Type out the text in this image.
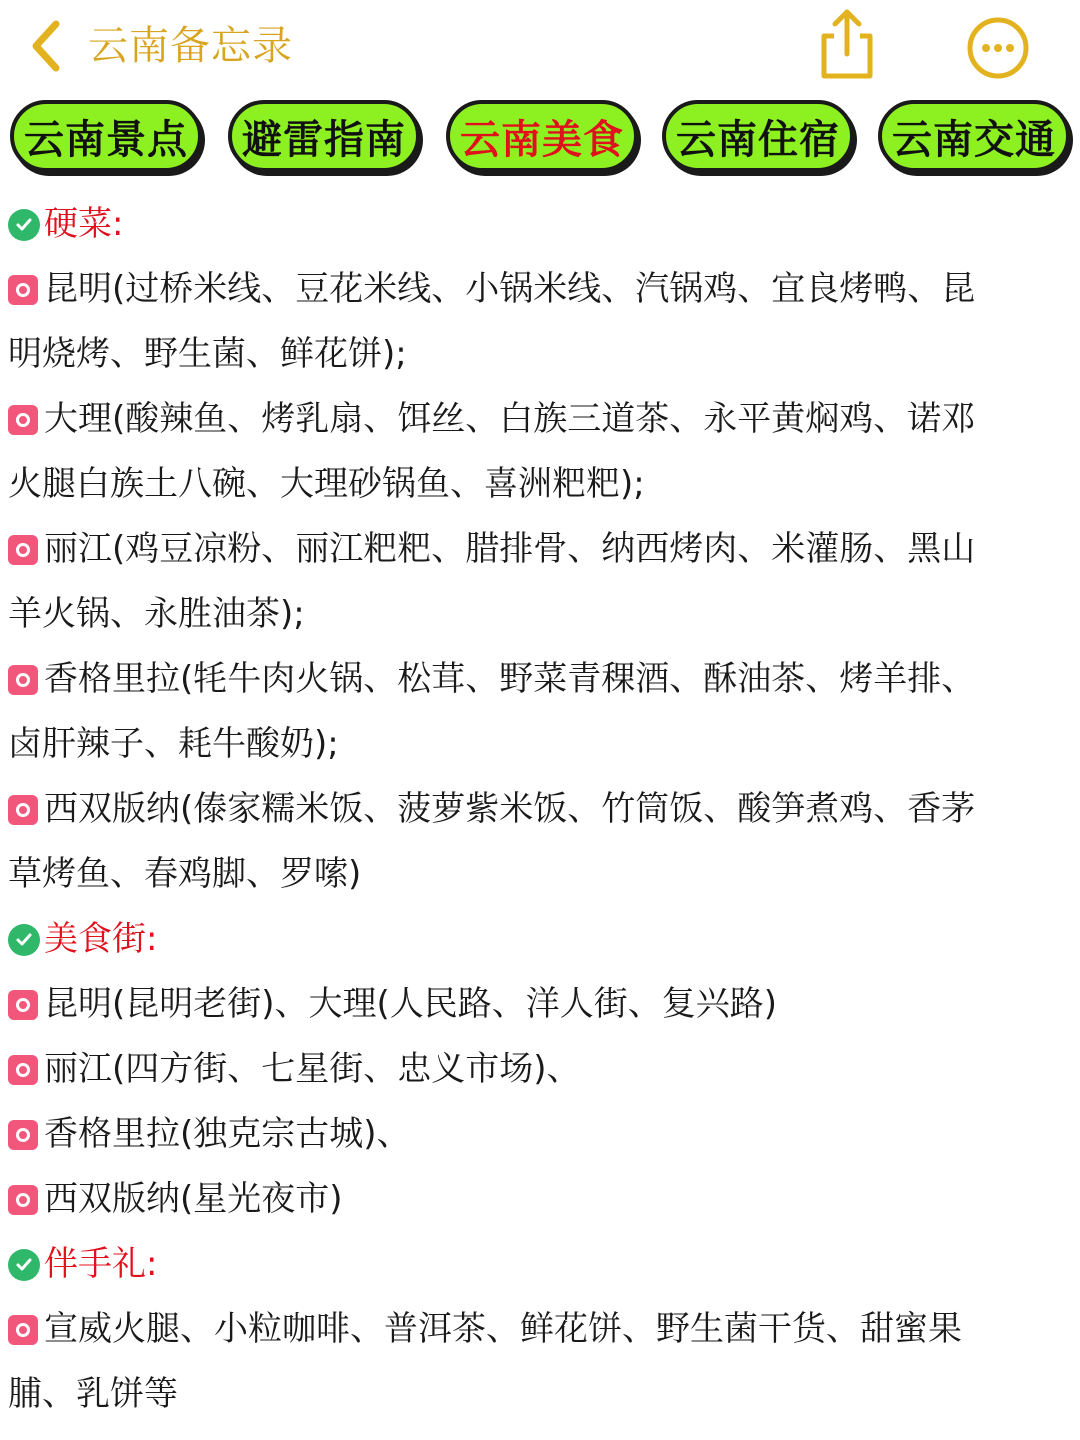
云南备忘录
云南景点	避雷指南	云南美食	云南住宿	云南交通
硬菜:
昆明(过桥米线、豆花米线、小锅米线、汽锅鸡、宜良烤鸭、昆
明烧烤、野生菌、鲜花饼);
大理(酸辣鱼、烤乳扇、饵丝、白族三道茶、永平黄焖鸡、诺邓
火腿白族土八碗、大理砂锅鱼、喜洲粑粑);
丽江(鸡豆凉粉、丽江粑粑、腊排骨、纳西烤肉、米灌肠、黑山
羊火锅、永胜油茶);
香格里拉(牦牛肉火锅、松茸、野菜青稞酒、酥油茶、烤羊排、
卤肝辣子、耗牛酸奶);
西双版纳(傣家糯米饭、菠萝紫米饭、竹筒饭、酸笋煮鸡、香茅
草烤鱼、春鸡脚、罗嗦)
美食街:
昆明(昆明老街)、大理(人民路、洋人街、复兴路)
丽江(四方街、七星街、忠义市场)、
香格里拉(独克宗古城)、
西双版纳(星光夜市)
伴手礼:
宣威火腿、小粒咖啡、普洱茶、鲜花饼、野生菌干货、甜蜜果
脯、乳饼等
